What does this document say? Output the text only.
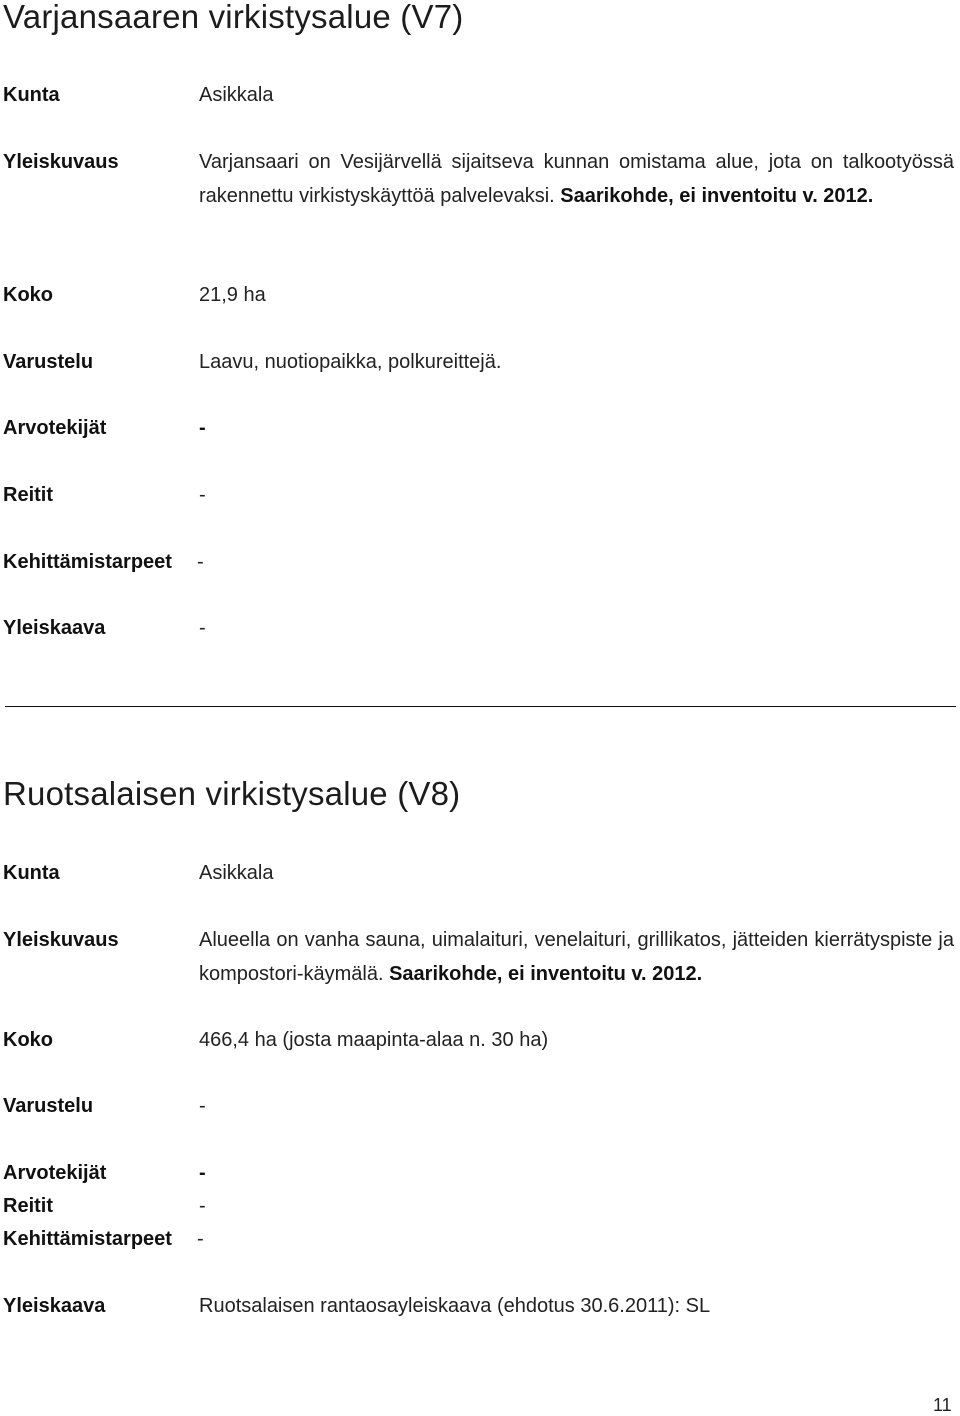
Varjansaaren virkistysalue (V7)
Kunta	Asikkala
Yleiskuvaus	Varjansaari on Vesijärvellä sijaitseva kunnan omistama alue, jota on talkootyössä rakennettu virkistyskäyttöä palvelevaksi. Saarikohde, ei inventoitu v. 2012.
Koko	21,9 ha
Varustelu	Laavu, nuotiopaikka, polkureittejä.
Arvotekijät	-
Reitit	-
Kehittämistarpeet -
Yleiskaava	-
Ruotsalaisen virkistysalue (V8)
Kunta	Asikkala
Yleiskuvaus	Alueella on vanha sauna, uimalaituri, venelaituri, grillikatos, jätteiden kierrätyspiste ja kompostori-käymälä. Saarikohde, ei inventoitu v. 2012.
Koko	466,4 ha (josta maapinta-alaa n. 30 ha)
Varustelu	-
Arvotekijät	-
Reitit	-
Kehittämistarpeet -
Yleiskaava	Ruotsalaisen rantaosayleiskaava (ehdotus 30.6.2011): SL
11
